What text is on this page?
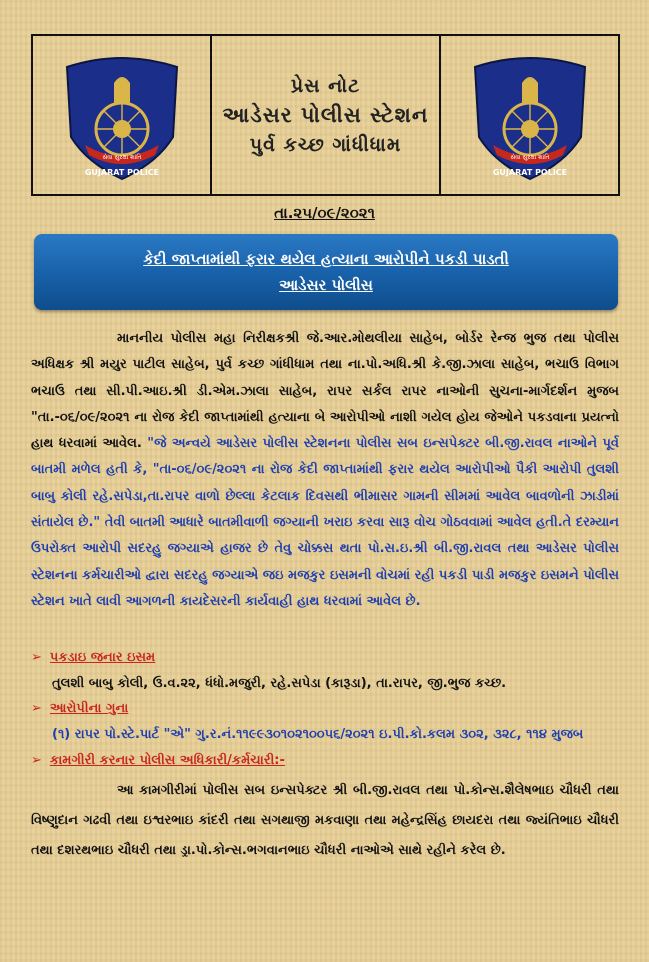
સેવા સુરક્ષા શાંતિ
GUJARAT POLICE
પ્રેસ નોટ
આડેસર પોલીસ સ્ટેશન
પુર્વ કચ્છ ગાંધીધામ
સેવા સુરક્ષા શાંતિ
GUJARAT POLICE
તા.૨૫/૦૯/૨૦૨૧
કેદી જાપ્તામાંથી ફરાર થયેલ હત્યાના આરોપીને પકડી પાડતી
આડેસર પોલીસ
માનનીય પોલીસ મહા નિરીક્ષકશ્રી જે.આર.મોથલીયા સાહેબ, બોર્ડર રેન્જ ભુજ તથા પોલીસ અધિક્ષક શ્રી મયુર પાટીલ સાહેબ, પુર્વ કચ્છ ગાંધીધામ તથા ના.પો.અધિ.શ્રી કે.જી.ઝાલા સાહેબ, ભચાઉ વિભાગ ભચાઉ તથા સી.પી.આઇ.શ્રી ડી.એમ.ઝાલા સાહેબ, રાપર સર્કલ રાપર નાઓની સુચના-માર્ગદર્શન મુજબ "તા.-૦૬/૦૯/૨૦૨૧ ના રોજ કેદી જાપ્તામાંથી હત્યાના બે આરોપીઓ નાશી ગયેલ હોય જેઓને પકડવાના પ્રયત્નો હાથ ધરવામાં આવેલ. "જે અન્વયે આડેસર પોલીસ સ્ટેશનના પોલીસ સબ ઇન્સપેક્ટર બી.જી.રાવલ નાઓને પૂર્વ બાતમી મળેલ હતી કે, "તા-૦૬/૦૯/૨૦૨૧ ના રોજ કેદી જાપ્તામાંથી ફરાર થયેલ આરોપીઓ પૈકી આરોપી તુલશી બાબુ કોલી રહે.સપેડા,તા.રાપર વાળો છેલ્લા કેટલાક દિવસથી ભીમાસર ગામની સીમમાં આવેલ બાવળોની ઝાડીમાં સંતાયેલ છે." તેવી બાતમી આધારે બાતમીવાળી જગ્યાની ખરાઇ કરવા સારૂ વોચ ગોઠવવામાં આવેલ હતી.તે દરમ્યાન ઉપરોક્ત આરોપી સદરહુ જગ્યાએ હાજર છે તેવુ ચોક્કસ થતા પો.સ.ઇ.શ્રી બી.જી.રાવલ તથા આડેસર પોલીસ સ્ટેશનના કર્મચારીઓ દ્વારા સદરહુ જગ્યાએ જઇ મજકુર ઇસમની વોચમાં રહી પકડી પાડી મજકુર ઇસમને પોલીસ સ્ટેશન ખાતે લાવી આગળની કાયદેસરની કાર્યવાહી હાથ ધરવામાં આવેલ છે.
➢ પકડાઇ જનાર ઇસમ
તુલશી બાબુ કોલી, ઉ.વ.૨૨, ધંધો.મજુરી, રહે.સપેડા (કારૂડા), તા.રાપર, જી.ભુજ કચ્છ.
➢ આરોપીના ગુના
(૧) રાપર પો.સ્ટે.પાર્ટ "એ" ગુ.ર.નં.૧૧૯૯૩૦૧૦૨૧૦૦૫૬/૨૦૨૧ ઇ.પી.કો.કલમ ૩૦૨, ૩૨૮, ૧૧૪ મુજબ
➢ કામગીરી કરનાર પોલીસ અધિકારી/કર્મચારી:-
આ કામગીરીમાં પોલીસ સબ ઇન્સપેક્ટર શ્રી બી.જી.રાવલ તથા પો.કોન્સ.શૈલેષભાઇ ચૌધરી તથા વિષ્ણુદાન ગઢવી તથા ઇશ્વરભાઇ કાંદરી તથા સગથાજી મકવાણા તથા મહેન્દ્રસિંહ છાયદરા તથા જ્યંતિભાઇ ચૌધરી તથા દશરથભાઇ ચૌધરી તથા ડ્રા.પો.કોન્સ.ભગવાનભાઇ ચૌધરી નાઓએ સાથે રહીને કરેલ છે.
